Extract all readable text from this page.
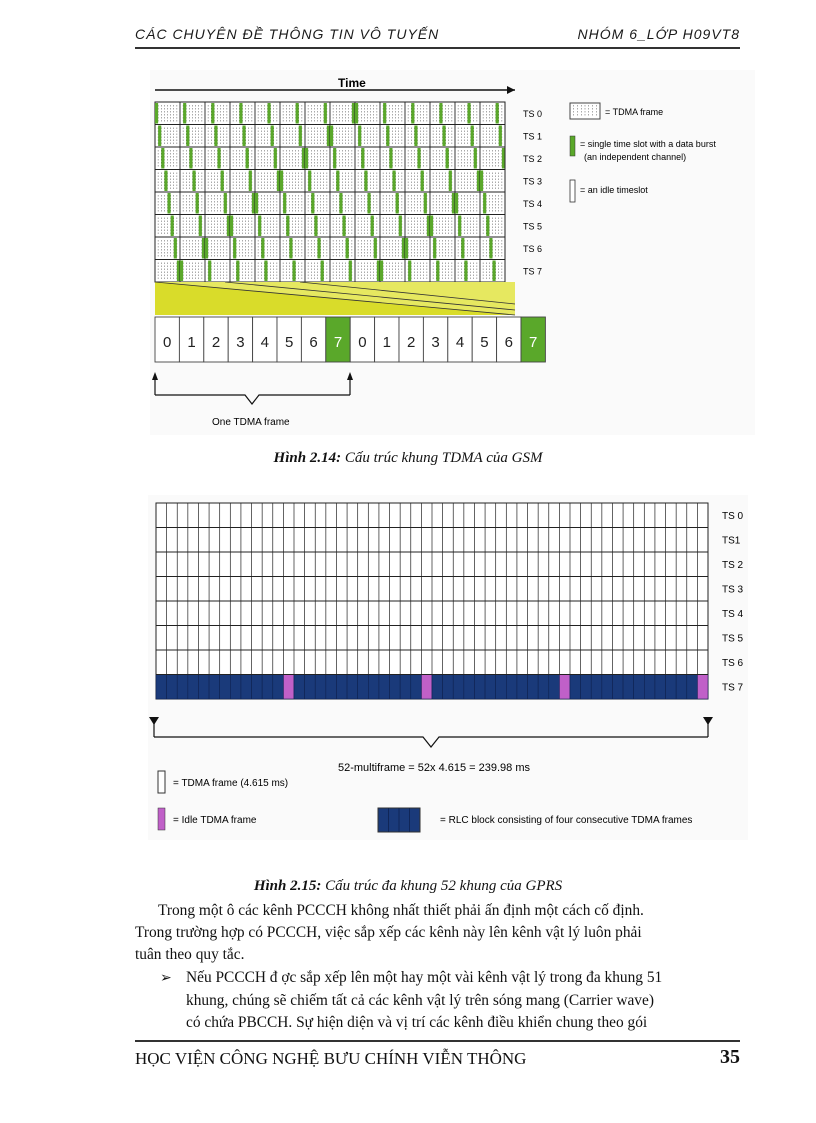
CÁC CHUYÊN ĐỀ THÔNG TIN VÔ TUYẾN	NHÓM 6_LỚP H09VT8
Time
TS 0
TS 1
TS 2
TS 3
TS 4
TS 5
TS 6
TS 7
0 1 2 3 4 5 6 7 0 1 2 3 4 5 6 7
One TDMA frame
= TDMA frame
= single time slot with a data burst
(an independent channel)
= an idle timeslot
Hình 2.14: Cấu trúc khung TDMA của GSM
TS 0
TS1
TS 2
TS 3
TS 4
TS 5
TS 6
TS 7
52-multiframe = 52x 4.615 = 239.98 ms
= TDMA frame (4.615 ms)
= Idle TDMA frame	= RLC block consisting of four consecutive TDMA frames
Hình 2.15: Cấu trúc đa khung 52 khung của GPRS
Trong một ô các kênh PCCCH không nhất thiết phải ấn định một cách cố định.
Trong trường hợp có PCCCH, việc sắp xếp các kênh này lên kênh vật lý luôn phải
tuân theo quy tắc.
➢ Nếu PCCCH đ ợc sắp xếp lên một hay một vài kênh vật lý trong đa khung 51
khung, chúng sẽ chiếm tất cả các kênh vật lý trên sóng mang (Carrier wave)
có chứa PBCCH. Sự hiện diện và vị trí các kênh điều khiển chung theo gói
HỌC VIỆN CÔNG NGHỆ BƯU CHÍNH VIỄN THÔNG	35
